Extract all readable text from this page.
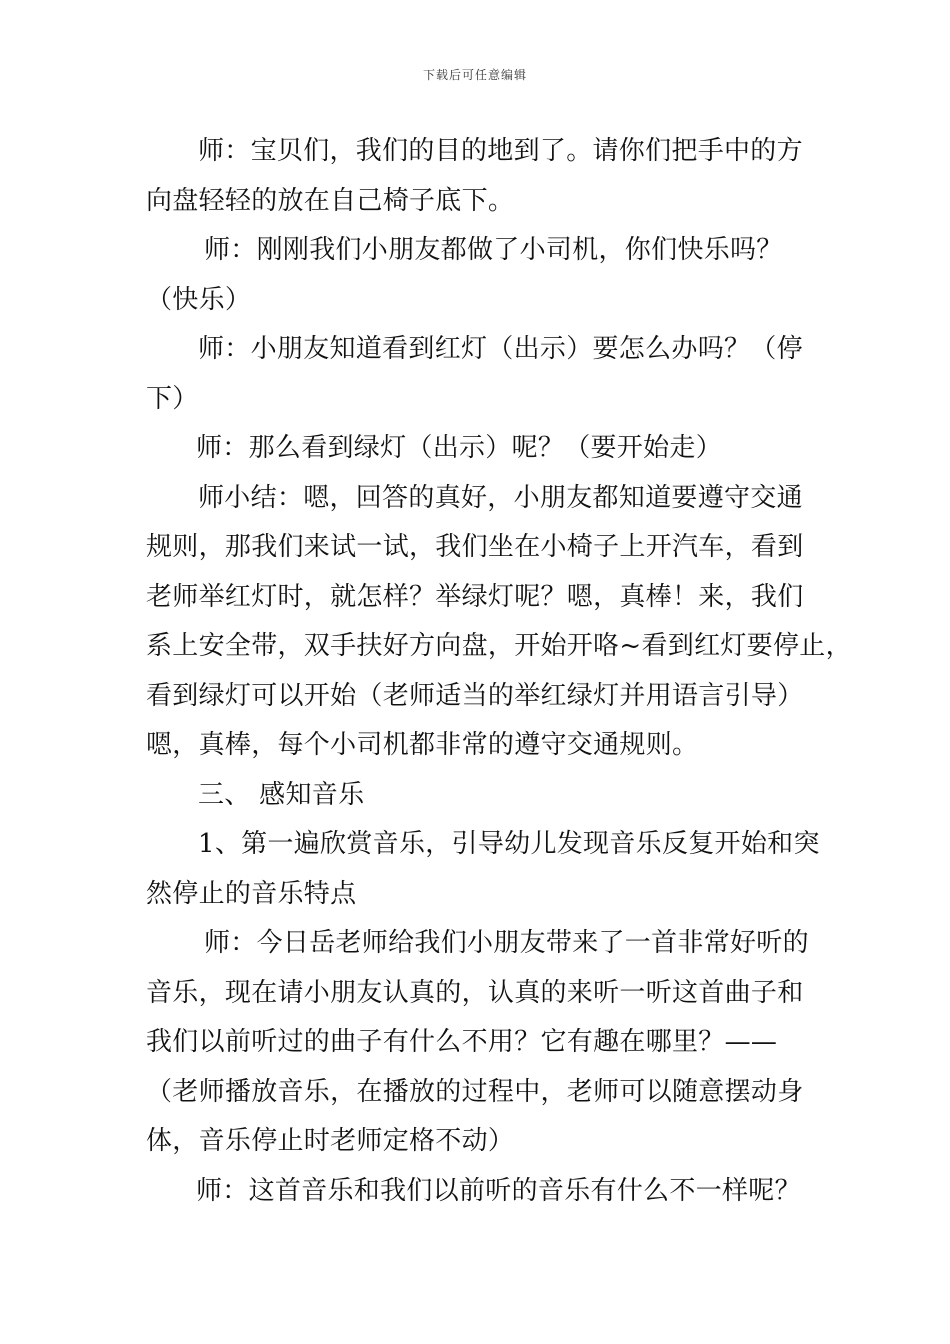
下载后可任意编辑
师：宝贝们，我们的目的地到了。请你们把手中的方
向盘轻轻的放在自己椅子底下。
师：刚刚我们小朋友都做了小司机，你们快乐吗？
（快乐）
师：小朋友知道看到红灯（出示）要怎么办吗？（停
下）
师：那么看到绿灯（出示）呢？（要开始走）
师小结：嗯，回答的真好，小朋友都知道要遵守交通
规则，那我们来试一试，我们坐在小椅子上开汽车，看到
老师举红灯时，就怎样？举绿灯呢？嗯，真棒！来，我们
系上安全带，双手扶好方向盘，开始开咯~看到红灯要停止，
看到绿灯可以开始（老师适当的举红绿灯并用语言引导）
嗯，真棒，每个小司机都非常的遵守交通规则。
三、 感知音乐
1、第一遍欣赏音乐，引导幼儿发现音乐反复开始和突
然停止的音乐特点
师：今日岳老师给我们小朋友带来了一首非常好听的
音乐，现在请小朋友认真的，认真的来听一听这首曲子和
我们以前听过的曲子有什么不用？它有趣在哪里？——
（老师播放音乐，在播放的过程中，老师可以随意摆动身
体，音乐停止时老师定格不动）
师：这首音乐和我们以前听的音乐有什么不一样呢？
